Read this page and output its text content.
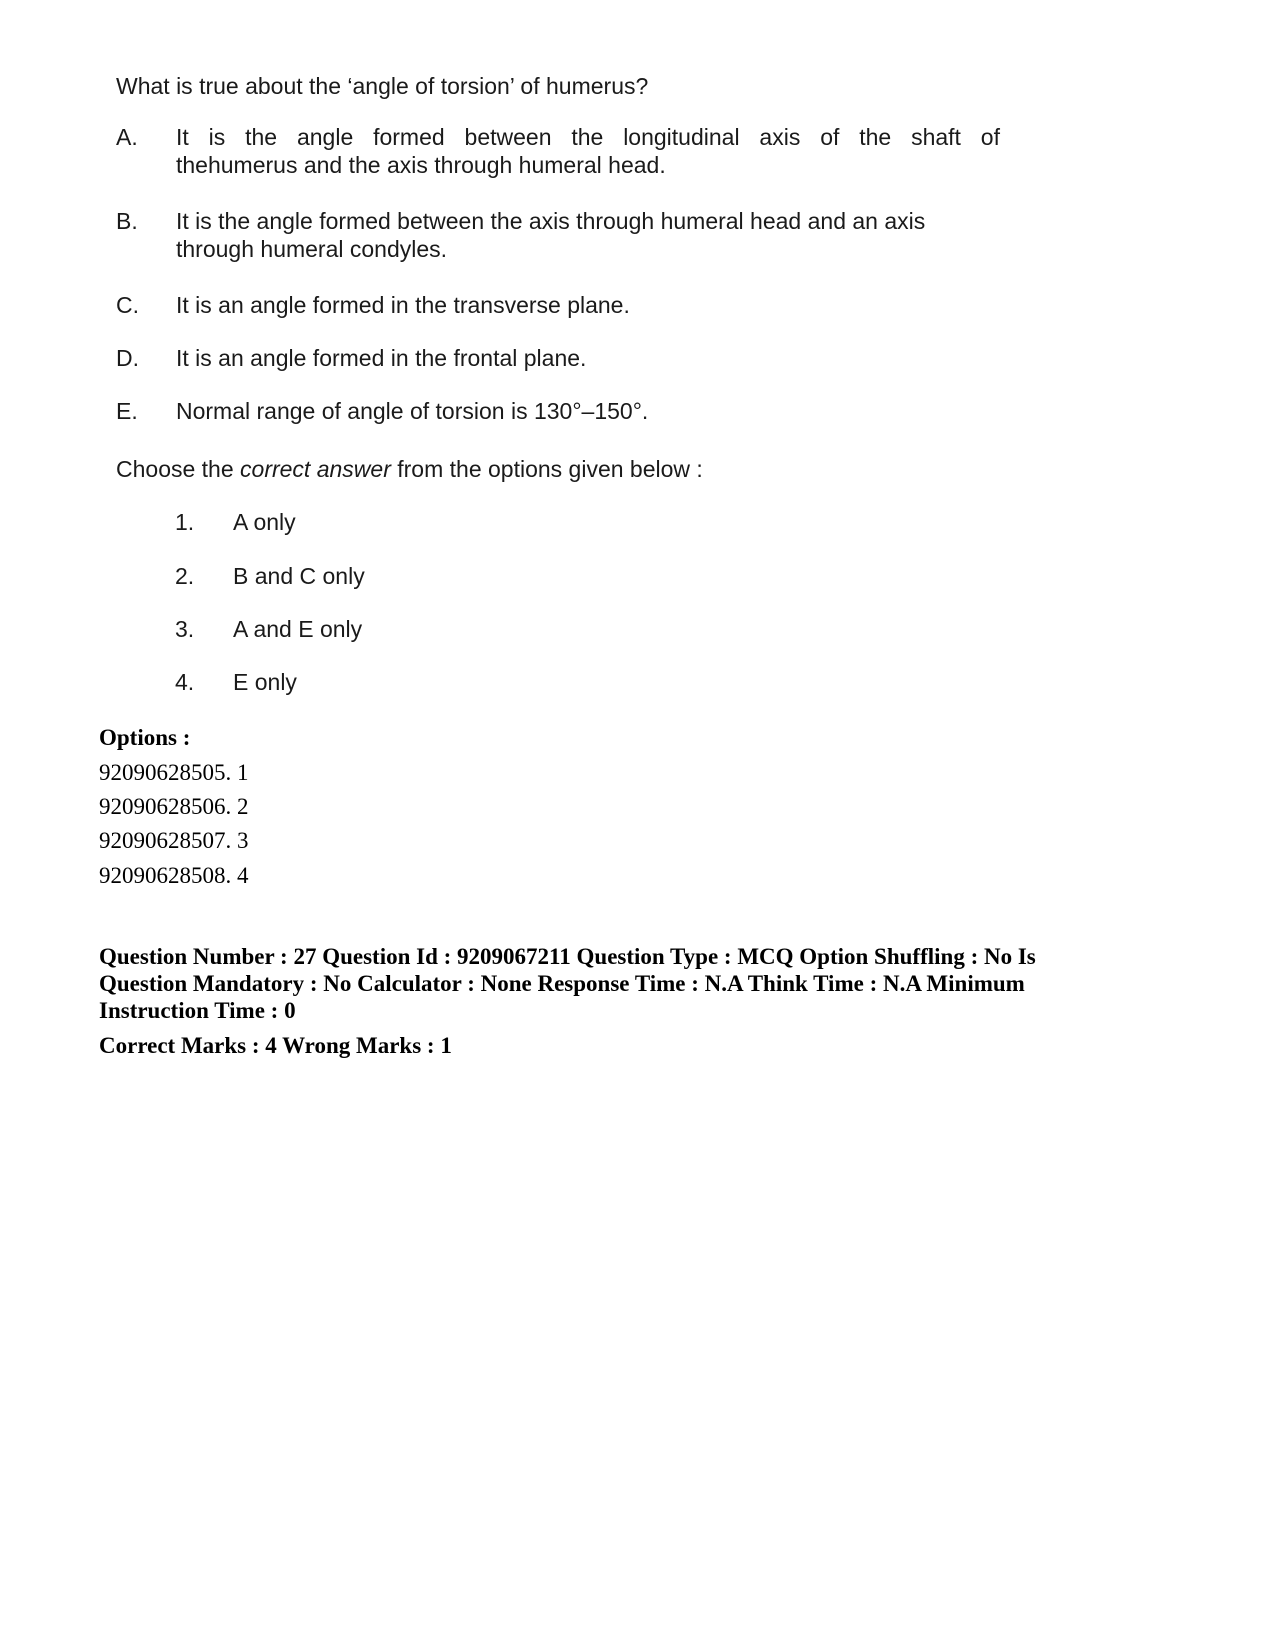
What is true about the ‘angle of torsion’ of humerus?
A. It is the angle formed between the longitudinal axis of the shaft of
thehumerus and the axis through humeral head.
B. It is the angle formed between the axis through humeral head and an axis
through humeral condyles.
C. It is an angle formed in the transverse plane.
D. It is an angle formed in the frontal plane.
E. Normal range of angle of torsion is 130°–150°.
Choose the correct answer from the options given below :
1. A only
2. B and C only
3. A and E only
4. E only
Options :
92090628505. 1
92090628506. 2
92090628507. 3
92090628508. 4
Question Number : 27 Question Id : 9209067211 Question Type : MCQ Option Shuffling : No Is
Question Mandatory : No Calculator : None Response Time : N.A Think Time : N.A Minimum
Instruction Time : 0
Correct Marks : 4 Wrong Marks : 1
